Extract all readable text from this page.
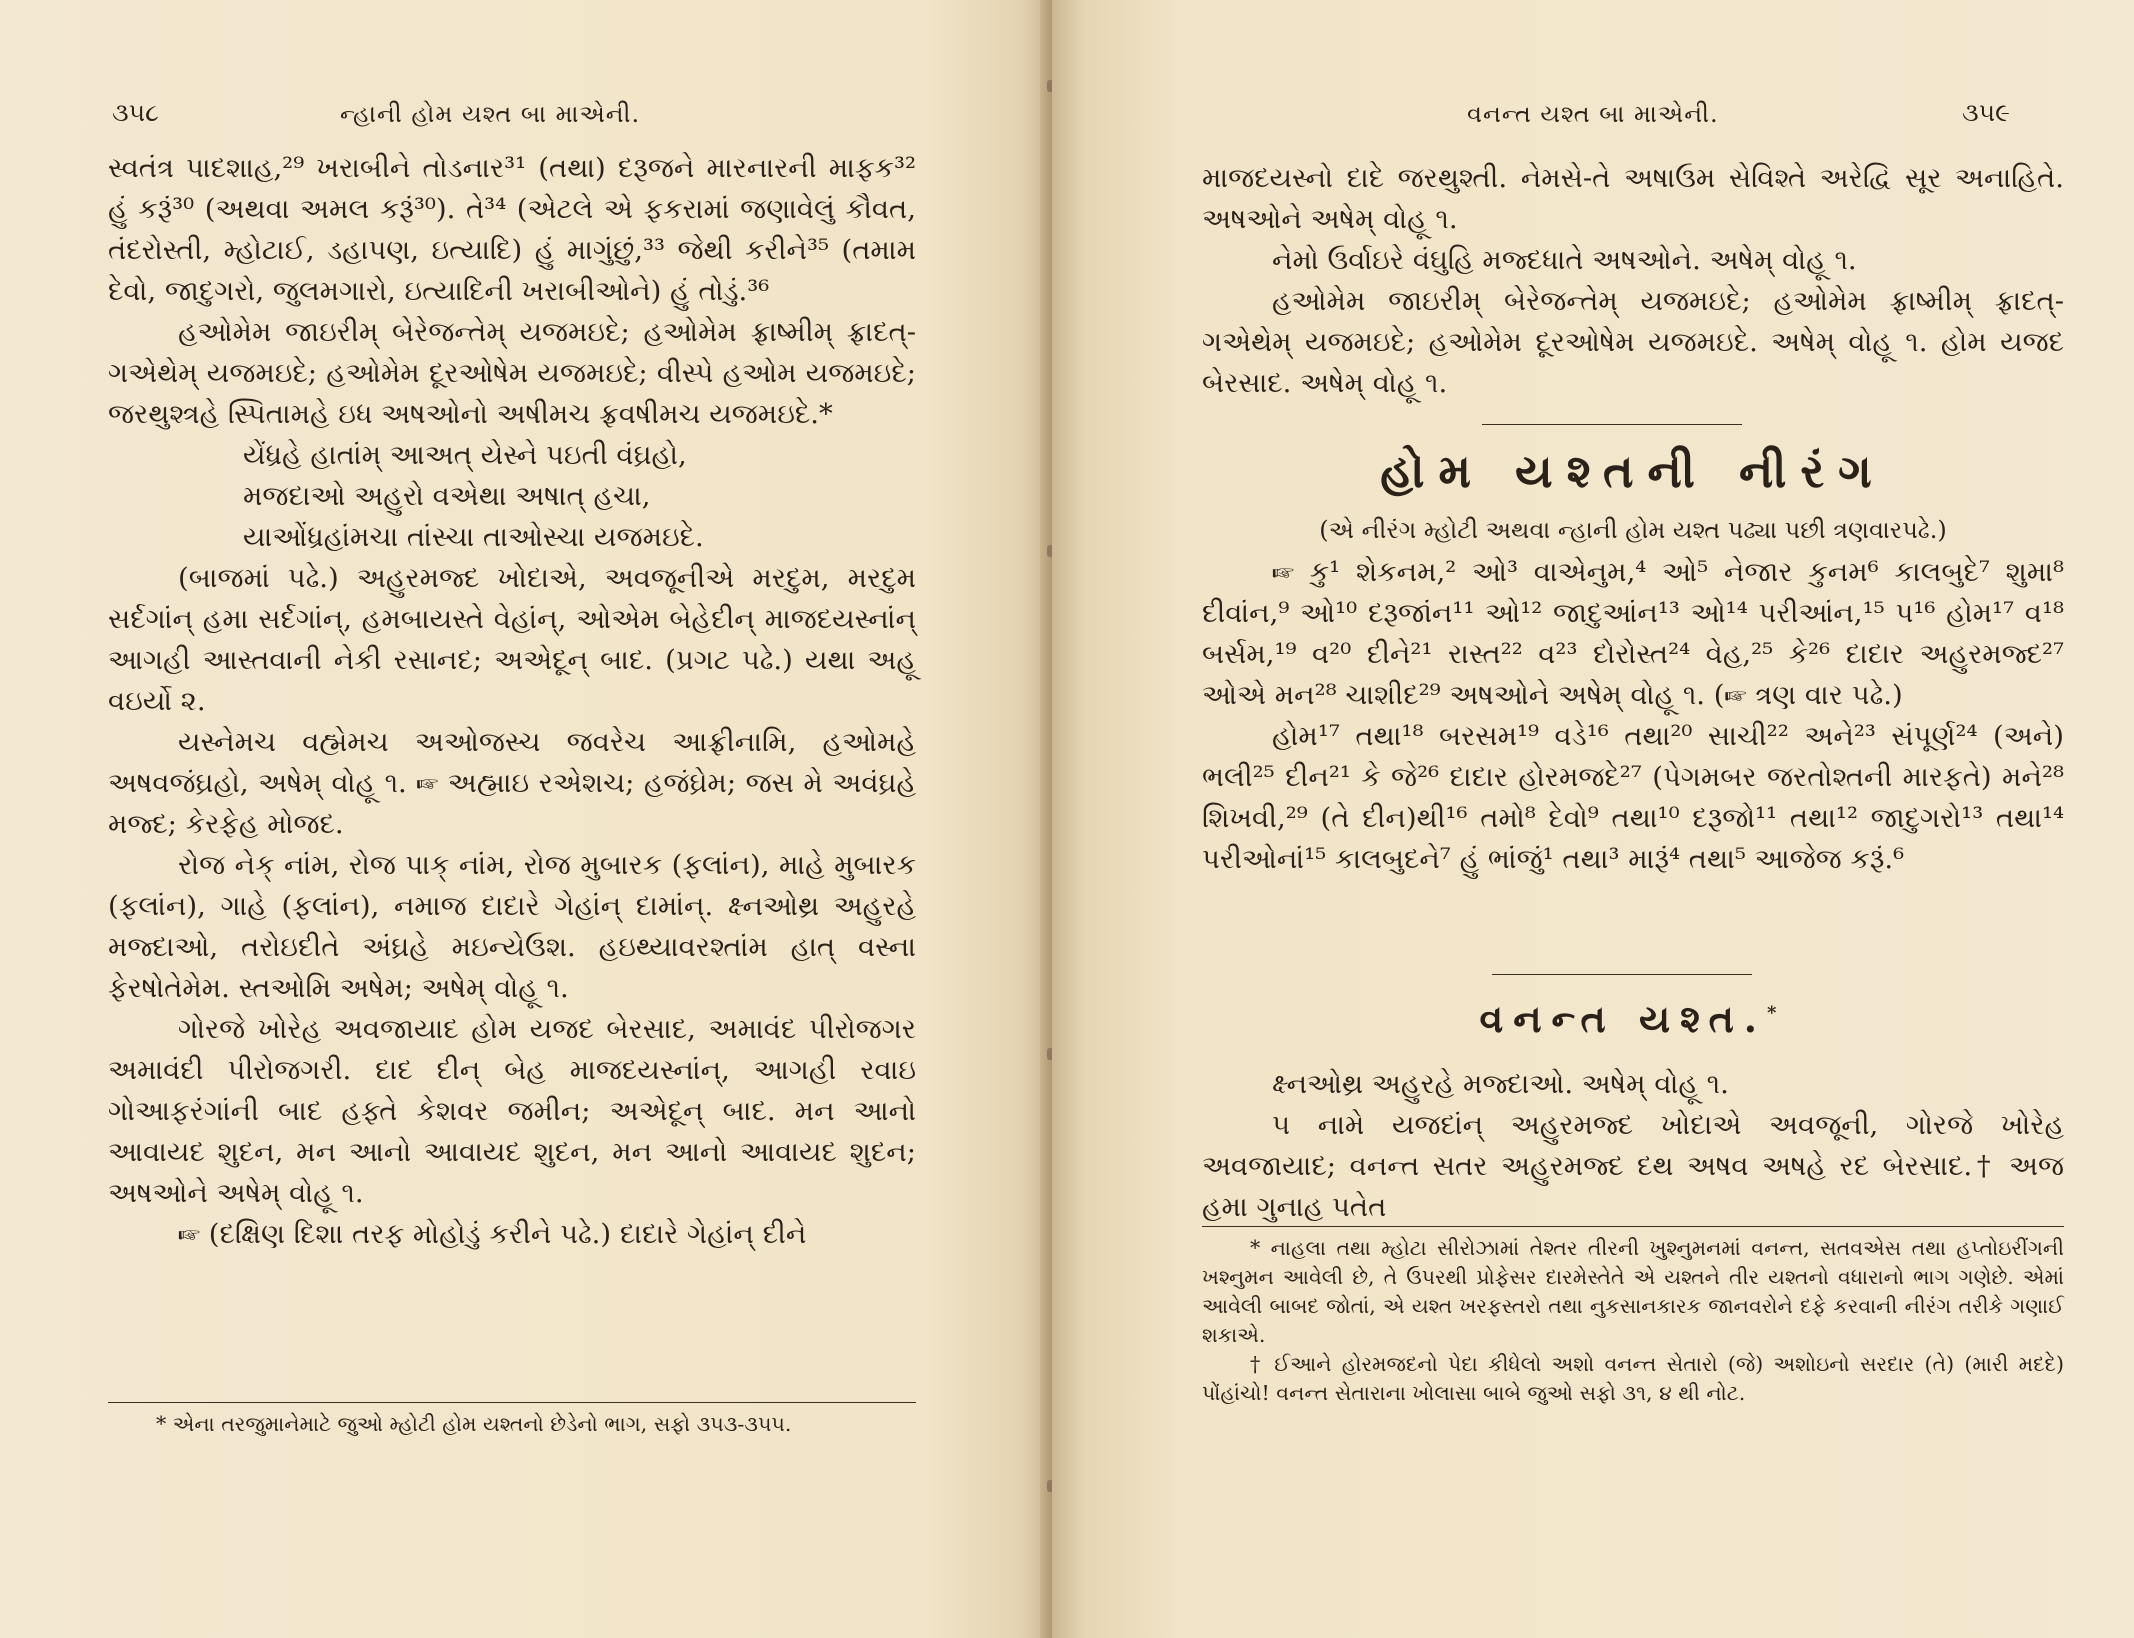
૩૫૮	ન્હાની હોમ યશ્ત બા માએની.

સ્વતંત્ર પાદશાહ,²⁹ ખરાબીને તોડનાર³¹ (તથા) દરૂજને મારનારની માફક³² હું કરૂં³⁰ (અથવા અમલ કરૂં³⁰). તે³⁴ (એટલે એ ફકરામાં જણાવેલું કૌવત, તંદરોસ્તી, મ્હોટાઈ, ડહાપણ, ઇત્યાદિ) હું માગુંછું,³³ જેથી કરીને³⁵ (તમામ દેવો, જાદુગરો, જુલમગારો, ઇત્યાદિની ખરાબીઓને) હું તોડું.³⁶

હઓમેમ જાઇરીમ્ બેરેજન્તેમ્ યજમઇદે; હઓમેમ ફ્રાષ્મીમ્ ફ્રાદત્-ગએથેમ્ યજમઇદે; હઓમેમ દૂરઓષેમ યજમઇદે; વીસ્પે હઓમ યજમઇદે; જરથુશ્ત્રહે સ્પિતામહે ઇધ અષઓનો અષીમચ ફ્રવષીમચ યજમઇદે.*

યેંધ્રહે હાતાંમ્ આઅત્ યેસ્ને પઇતી વંઘ્રહો,

મજદાઓ અહુરો વએથા અષાત્ હચા,

યાઓંધ્રહાંમચા તાંસ્ચા તાઓસ્ચા યજમઇદે.

(બાજમાં પઢે.) અહુરમજ્દ ખોદાએ, અવજૂનીએ મરદુમ, મરદુમ સર્દગાંન્ હમા સર્દગાંન્, હમબાયસ્તે વેહાંન્, ઓએમ બેહેદીન્ માજદયસ્નાંન્ આગહી આસ્તવાની નેકી રસાનદ; અએદૂન્ બાદ. (પ્રગટ પઢે.) યથા અહૂ વઇર્યો ૨.

યસ્નેમચ વહ્મેમચ અઓજસ્ચ જવરેચ આફ્રીનામિ, હઓમહે અષવજંઘ્રહો, અષેમ્ વોહૂ ૧. ☞ અહ્માઇ રએશચ; હજંઘ્રેમ; જસ મે અવંઘ્રહે મજ્દ; કેરફેહ મોજદ.

રોજ નેક્ નાંમ, રોજ પાક્ નાંમ, રોજ મુબારક (ફલાંન), માહે મુબારક (ફલાંન), ગાહે (ફલાંન), નમાજ દાદારે ગેહાંન્ દામાંન્. ક્ષ્નઓથ્ર અહુરહે મજ્દાઓ, તરોઇદીતે અંઘ્રહે મઇન્યેઉશ. હઇથ્યાવરશ્તાંમ હાત્ વસ્ના ફેરષોતેમેમ. સ્તઓમિ અષેમ; અષેમ્ વોહૂ ૧.

ગોરજે ખોરેહ અવજાયાદ હોમ યજદ બેરસાદ, અમાવંદ પીરોજગર અમાવંદી પીરોજગરી. દાદ દીન્ બેહ માજદયસ્નાંન્, આગહી રવાઇ ગોઆફરંગાંની બાદ હફ્તે કેશવર જમીન; અએદૂન્ બાદ. મન આનો આવાયદ શુદન, મન આનો આવાયદ શુદન, મન આનો આવાયદ શુદન; અષઓને અષેમ્ વોહૂ ૧.

☞ (દક્ષિણ દિશા તરફ મોહોડું કરીને પઢે.) દાદારે ગેહાંન્ દીને

* એના તરજુમાનેમાટે જુઓ મ્હોટી હોમ યશ્તનો છેડેનો ભાગ, સફો ૩૫૩-૩૫૫.

વનન્ત યશ્ત બા માએની.	૩૫૯

માજદયસ્નો દાદે જરથુશ્તી. નેમસે-તે અષાઉમ સેવિશ્તે અરેદ્વિ સૂર અનાહિતે. અષઓને અષેમ્ વોહૂ ૧.

નેમો ઉર્વાઇરે વંઘુહિ મજ્દધાતે અષઓને. અષેમ્ વોહૂ ૧.

હઓમેમ જાઇરીમ્ બેરેજન્તેમ્ યજમઇદે; હઓમેમ ફ્રાષ્મીમ્ ફ્રાદત્-ગએથેમ્ યજમઇદે; હઓમેમ દૂરઓષેમ યજમઇદે. અષેમ્ વોહૂ ૧. હોમ યજદ બેરસાદ. અષેમ્ વોહૂ ૧.

હોમ યશ્તની નીરંગ
(એ નીરંગ મ્હોટી અથવા ન્હાની હોમ યશ્ત પઢ્યા પછી ત્રણવારપઢે.)

☞ કુ¹ શેકનમ,² ઓ³ વાએનુમ,⁴ ઓ⁵ નેજાર કુનમ⁶ કાલબુદે⁷ શુમા⁸ દીવાંન,⁹ ઓ¹⁰ દરૂજાંન¹¹ ઓ¹² જાદુઆંન¹³ ઓ¹⁴ પરીઆંન,¹⁵ પ¹⁶ હોમ¹⁷ વ¹⁸ બર્સમ,¹⁹ વ²⁰ દીને²¹ રાસ્ત²² વ²³ દોરોસ્ત²⁴ વેહ,²⁵ કે²⁶ દાદાર અહુરમજ્દ²⁷ ઓએ મન²⁸ ચાશીદ²⁹ અષઓને અષેમ્ વોહૂ ૧. (☞ ત્રણ વાર પઢે.)

હોમ¹⁷ તથા¹⁸ બરસમ¹⁹ વડે¹⁶ તથા²⁰ સાચી²² અને²³ સંપૂર્ણ²⁴ (અને) ભલી²⁵ દીન²¹ કે જે²⁶ દાદાર હોરમજદે²⁷ (પેગમબર જરતોશ્તની મારફતે) મને²⁸ શિખવી,²⁹ (તે દીન)થી¹⁶ તમો⁸ દેવો⁹ તથા¹⁰ દરૂજો¹¹ તથા¹² જાદુગરો¹³ તથા¹⁴ પરીઓનાં¹⁵ કાલબુદને⁷ હું ભાંજું¹ તથા³ મારૂં⁴ તથા⁵ આજેજ કરૂં.⁶

વનન્ત યશ્ત.*

ક્ષ્નઓથ્ર અહુરહે મજ્દાઓ. અષેમ્ વોહૂ ૧.

૫ નામે યજદાંન્ અહુરમજ્દ ખોદાએ અવજૂની, ગોરજે ખોરેહ અવજાયાદ; વનન્ત સતર અહુરમજ્દ દથ અષવ અષહે રદ બેરસાદ.† અજ હમા ગુનાહ પતેત

* નાહલા તથા મ્હોટા સીરોઝામાં તેશ્તર તીરની ખુશ્નુમનમાં વનન્ત, સતવએસ તથા હપ્તોઇરીંગની ખશ્નુમન આવેલી છે, તે ઉપરથી પ્રોફેસર દારમેસ્તેતે એ યશ્તને તીર યશ્તનો વધારાનો ભાગ ગણેછે. એમાં આવેલી બાબદ જોતાં, એ યશ્ત ખરફસ્તરો તથા નુકસાનકારક જાનવરોને દફે કરવાની નીરંગ તરીકે ગણાઈ શકાએ.

† ઈઆને હોરમજદનો પેદા કીધેલો અશો વનન્ત સેતારો (જે) અશોઇનો સરદાર (તે) (મારી મદદે) પોંહાંચો! વનન્ત સેતારાના ખોલાસા બાબે જુઓ સફો ૩૧, ૪ થી નોટ.
